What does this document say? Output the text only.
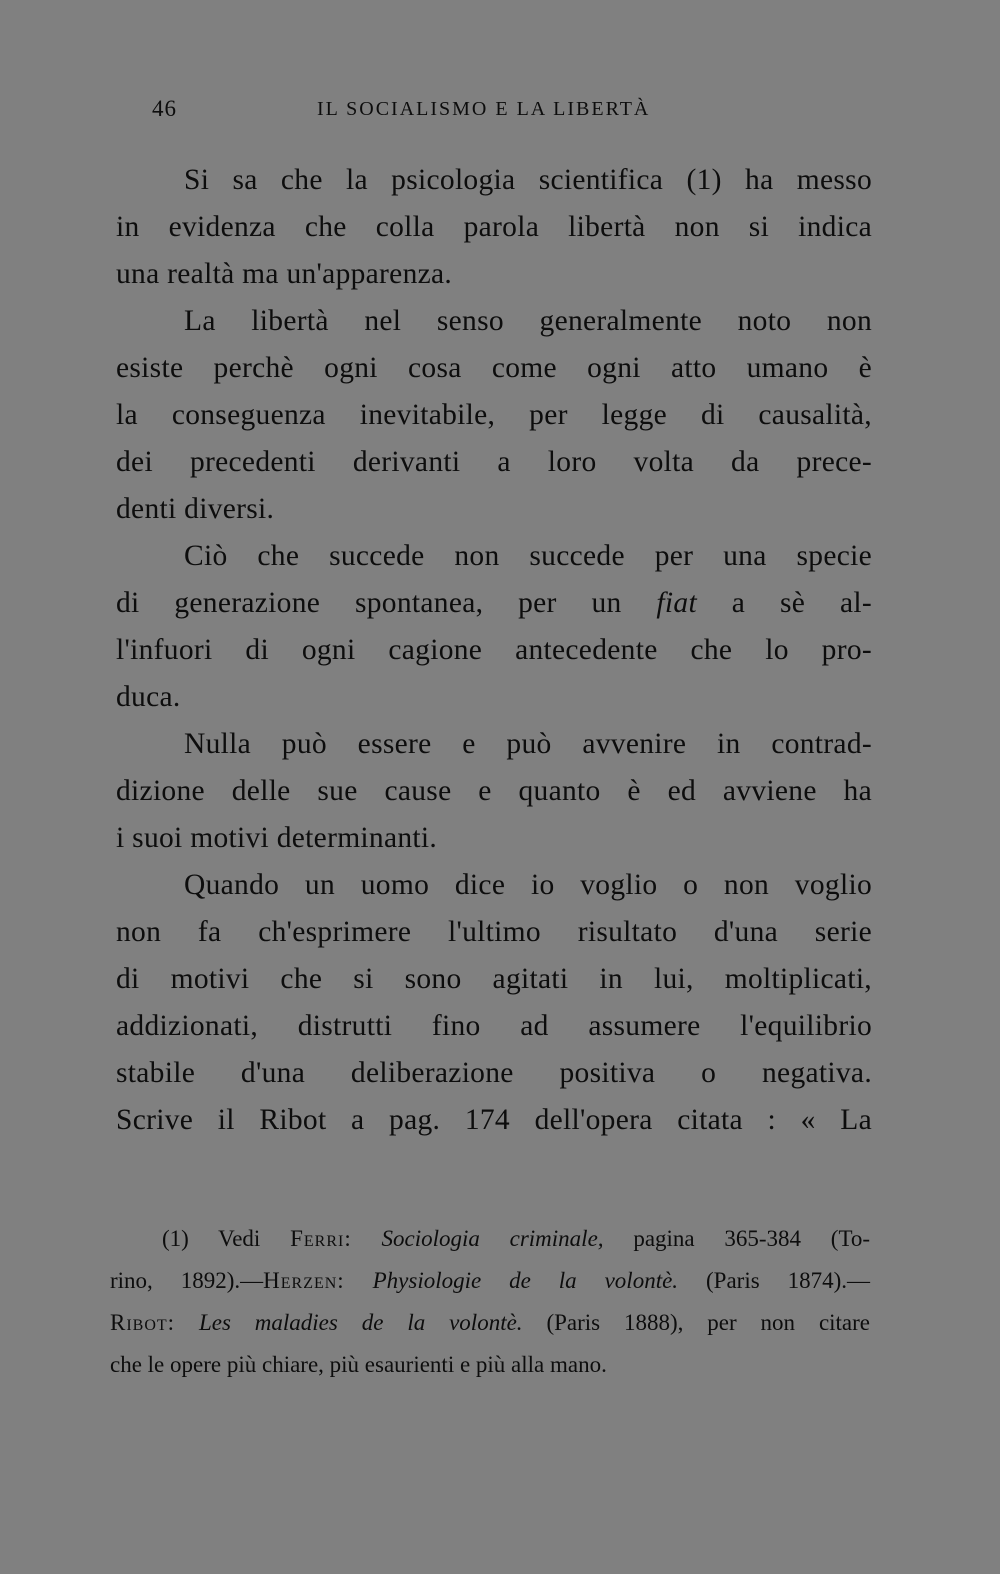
46	IL SOCIALISMO E LA LIBERTÀ
Si sa che la psicologia scientifica (1) ha messo
in evidenza che colla parola libertà non si indica
una realtà ma un'apparenza.
La libertà nel senso generalmente noto non
esiste perchè ogni cosa come ogni atto umano è
la conseguenza inevitabile, per legge di causalità,
dei precedenti derivanti a loro volta da prece-
denti diversi.
Ciò che succede non succede per una specie
di generazione spontanea, per un fiat a sè al-
l'infuori di ogni cagione antecedente che lo pro-
duca.
Nulla può essere e può avvenire in contrad-
dizione delle sue cause e quanto è ed avviene ha
i suoi motivi determinanti.
Quando un uomo dice io voglio o non voglio
non fa ch'esprimere l'ultimo risultato d'una serie
di motivi che si sono agitati in lui, moltiplicati,
addizionati, distrutti fino ad assumere l'equilibrio
stabile d'una deliberazione positiva o negativa.
Scrive il Ribot a pag. 174 dell'opera citata : « La
(1) Vedi Ferri: Sociologia criminale, pagina 365-384 (To-
rino, 1892).—Herzen: Physiologie de la volontè. (Paris 1874).—
Ribot: Les maladies de la volontè. (Paris 1888), per non citare
che le opere più chiare, più esaurienti e più alla mano.
